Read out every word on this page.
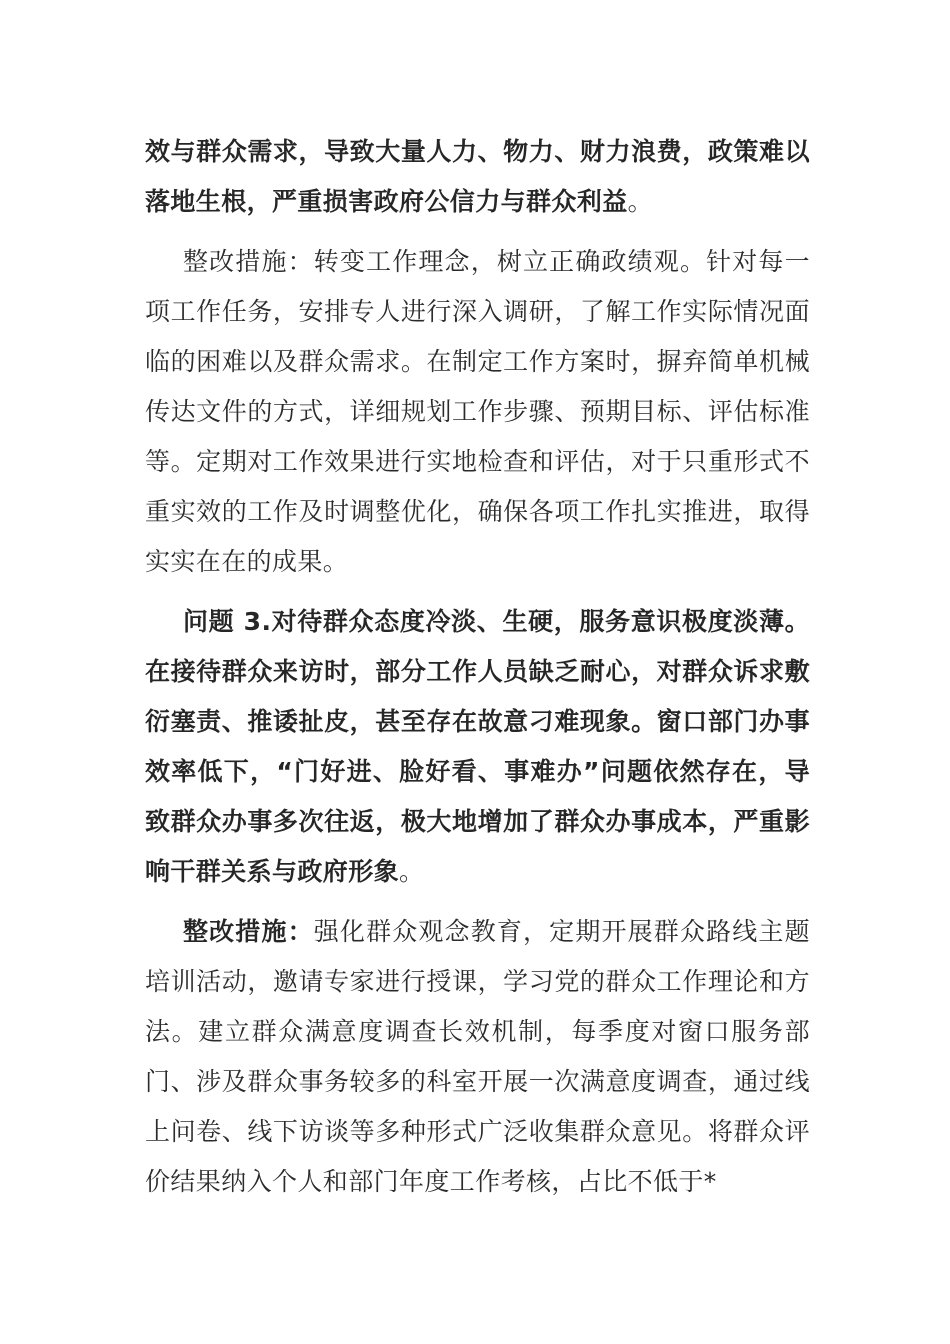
效与群众需求，导致大量人力、物力、财力浪费，政策难以落地生根，严重损害政府公信力与群众利益。

整改措施：转变工作理念，树立正确政绩观。针对每一项工作任务，安排专人进行深入调研，了解工作实际情况面临的困难以及群众需求。在制定工作方案时，摒弃简单机械传达文件的方式，详细规划工作步骤、预期目标、评估标准等。定期对工作效果进行实地检查和评估，对于只重形式不重实效的工作及时调整优化，确保各项工作扎实推进，取得实实在在的成果。

问题 3.对待群众态度冷淡、生硬，服务意识极度淡薄。在接待群众来访时，部分工作人员缺乏耐心，对群众诉求敷衍塞责、推诿扯皮，甚至存在故意刁难现象。窗口部门办事效率低下，“门好进、脸好看、事难办”问题依然存在，导致群众办事多次往返，极大地增加了群众办事成本，严重影响干群关系与政府形象。

整改措施：强化群众观念教育，定期开展群众路线主题培训活动，邀请专家进行授课，学习党的群众工作理论和方法。建立群众满意度调查长效机制，每季度对窗口服务部门、涉及群众事务较多的科室开展一次满意度调查，通过线上问卷、线下访谈等多种形式广泛收集群众意见。将群众评价结果纳入个人和部门年度工作考核，占比不低于*
